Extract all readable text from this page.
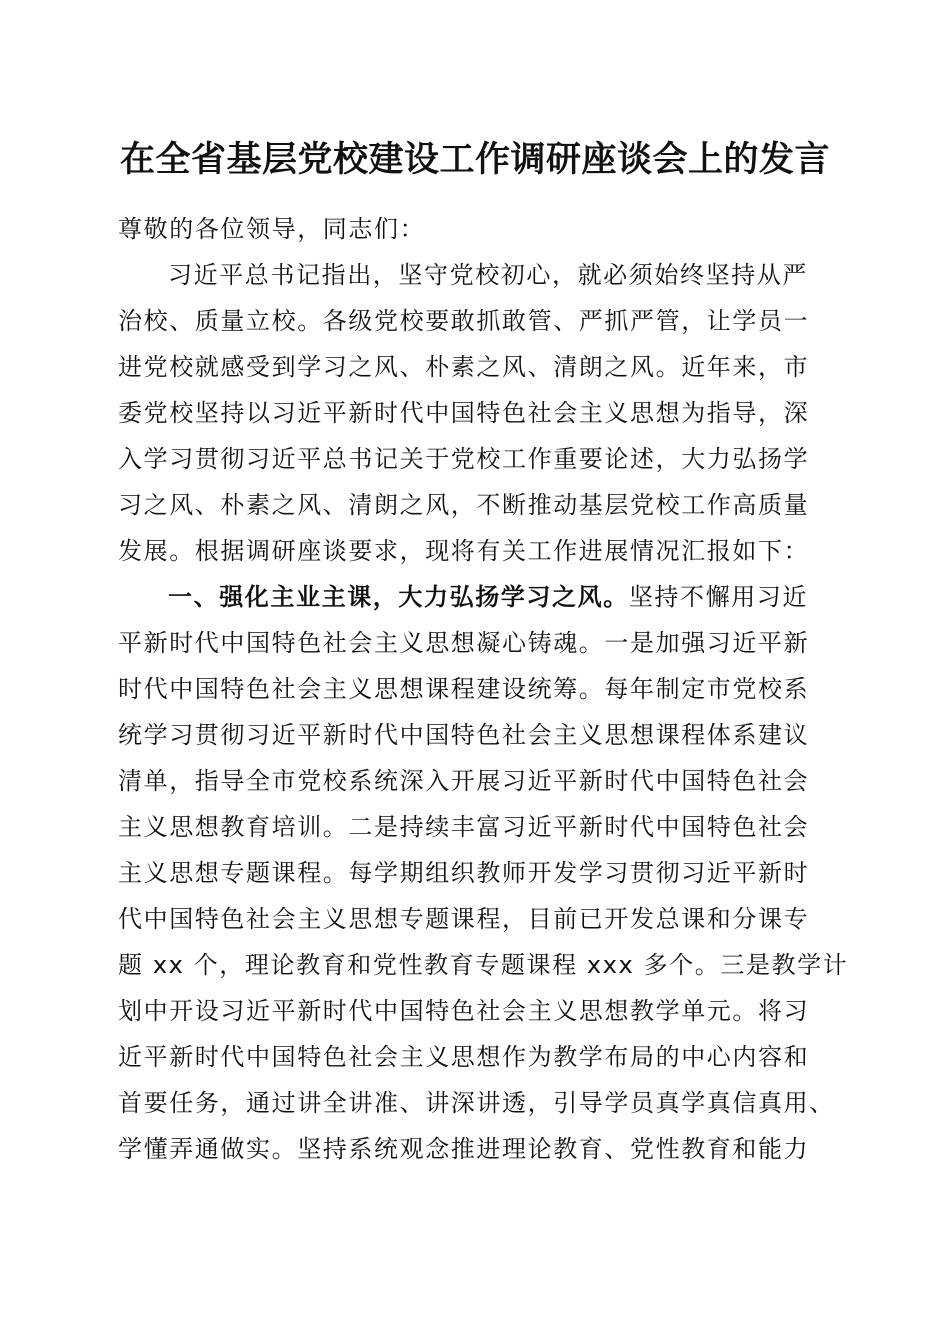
在全省基层党校建设工作调研座谈会上的发言
尊敬的各位领导，同志们：
习近平总书记指出，坚守党校初心，就必须始终坚持从严
治校、质量立校。各级党校要敢抓敢管、严抓严管，让学员一
进党校就感受到学习之风、朴素之风、清朗之风。近年来，市
委党校坚持以习近平新时代中国特色社会主义思想为指导，深
入学习贯彻习近平总书记关于党校工作重要论述，大力弘扬学
习之风、朴素之风、清朗之风，不断推动基层党校工作高质量
发展。根据调研座谈要求，现将有关工作进展情况汇报如下：
一、强化主业主课，大力弘扬学习之风。坚持不懈用习近
平新时代中国特色社会主义思想凝心铸魂。一是加强习近平新
时代中国特色社会主义思想课程建设统筹。每年制定市党校系
统学习贯彻习近平新时代中国特色社会主义思想课程体系建议
清单，指导全市党校系统深入开展习近平新时代中国特色社会
主义思想教育培训。二是持续丰富习近平新时代中国特色社会
主义思想专题课程。每学期组织教师开发学习贯彻习近平新时
代中国特色社会主义思想专题课程，目前已开发总课和分课专
题 xx 个，理论教育和党性教育专题课程 xxx 多个。三是教学计
划中开设习近平新时代中国特色社会主义思想教学单元。将习
近平新时代中国特色社会主义思想作为教学布局的中心内容和
首要任务，通过讲全讲准、讲深讲透，引导学员真学真信真用、
学懂弄通做实。坚持系统观念推进理论教育、党性教育和能力
